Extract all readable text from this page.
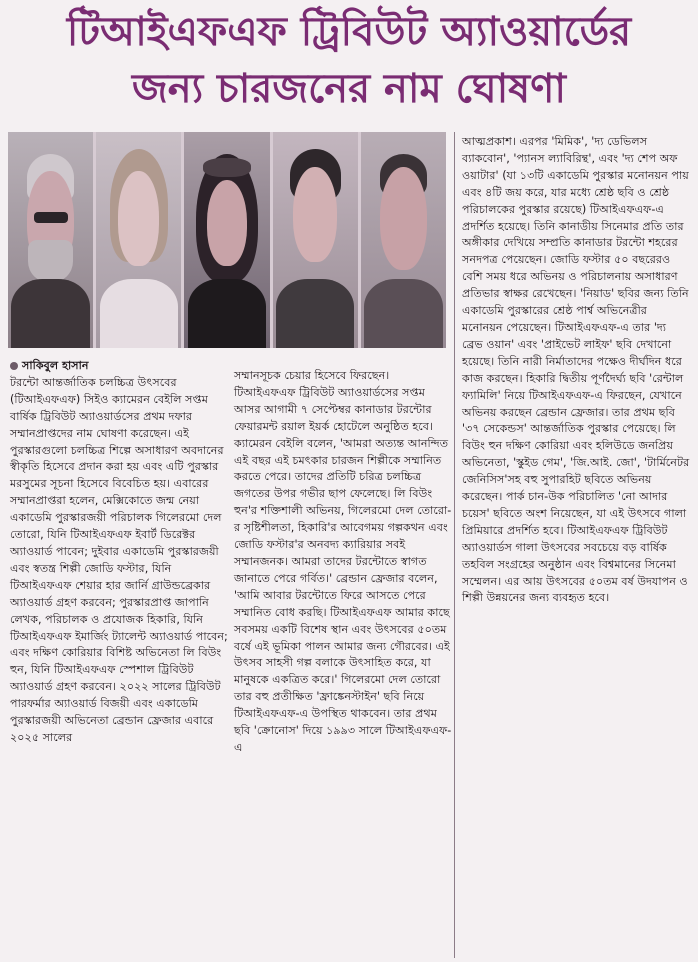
টিআইএফএফ ট্রিবিউট অ্যাওয়ার্ডের
জন্য চারজনের নাম ঘোষণা
সাকিবুল হাসান

টরন্টো আন্তর্জাতিক চলচ্চিত্র উৎসবের (টিআইএফএফ) সিইও ক্যামেরন বেইলি সপ্তম বার্ষিক ট্রিবিউট অ্যাওয়ার্ডসের প্রথম দফার সম্মানপ্রাপ্তদের নাম ঘোষণা করেছেন। এই পুরস্কারগুলো চলচ্চিত্র শিল্পে অসাধারণ অবদানের স্বীকৃতি হিসেবে প্রদান করা হয় এবং এটি পুরস্কার মরসুমের সূচনা হিসেবে বিবেচিত হয়। এবারের সম্মানপ্রাপ্তরা হলেন, মেক্সিকোতে জন্ম নেয়া একাডেমি পুরস্কারজয়ী পরিচালক গিলেরমো দেল তোরো, যিনি টিআইএফএফ ইবার্ট ডিরেক্টর অ্যাওয়ার্ড পাবেন; দুইবার একাডেমি পুরস্কারজয়ী এবং স্বতন্ত্র শিল্পী জোডি ফস্টার, যিনি টিআইএফএফ শেয়ার হার জার্নি গ্রাউন্ডব্রেকার অ্যাওয়ার্ড গ্রহণ করবেন; পুরস্কারপ্রাপ্ত জাপানি লেখক, পরিচালক ও প্রযোজক হিকারি, যিনি টিআইএফএফ ইমার্জিং ট্যালেন্ট অ্যাওয়ার্ড পাবেন; এবং দক্ষিণ কোরিয়ার বিশিষ্ট অভিনেতা লি বিউং হুন, যিনি টিআইএফএফ স্পেশাল ট্রিবিউট অ্যাওয়ার্ড গ্রহণ করবেন। ২০২২ সালের ট্রিবিউট পারফর্মার অ্যাওয়ার্ড বিজয়ী এবং একাডেমি পুরস্কারজয়ী অভিনেতা ব্রেন্ডান ফ্রেজার এবারে ২০২৫ সালের

সম্মানসূচক চেয়ার হিসেবে ফিরছেন। টিআইএফএফ ট্রিবিউট অ্যাওয়ার্ডসের সপ্তম আসর আগামী ৭ সেপ্টেম্বর কানাডার টরন্টোর ফেয়ারমন্ট রয়াল ইয়র্ক হোটেলে অনুষ্ঠিত হবে। ক্যামেরন বেইলি বলেন, 'আমরা অত্যন্ত আনন্দিত এই বছর এই চমৎকার চারজন শিল্পীকে সম্মানিত করতে পেরে। তাদের প্রতিটি চরিত্র চলচ্চিত্র জগতের উপর গভীর ছাপ ফেলেছে। লি বিউং হুন'র শক্তিশালী অভিনয়, গিলেরমো দেল তোরো-র সৃষ্টিশীলতা, হিকারি'র আবেগময় গল্পকথন এবং জোডি ফস্টার'র অনবদ্য ক্যারিয়ার সবই সম্মানজনক। আমরা তাদের টরন্টোতে স্বাগত জানাতে পেরে গর্বিত।' ব্রেন্ডান ফ্রেজার বলেন, 'আমি আবার টরন্টোতে ফিরে আসতে পেরে সম্মানিত বোধ করছি। টিআইএফএফ আমার কাছে সবসময় একটি বিশেষ স্থান এবং উৎসবের ৫০তম বর্ষে এই ভূমিকা পালন আমার জন্য গৌরবের। এই উৎসব সাহসী গল্প বলাকে উৎসাহিত করে, যা মানুষকে একত্রিত করে।' গিলেরমো দেল তোরো তার বহু প্রতীক্ষিত 'ফ্রাঙ্কেনস্টাইন' ছবি নিয়ে টিআইএফএফ-এ উপস্থিত থাকবেন। তার প্রথম ছবি 'ক্রোনোস' দিয়ে ১৯৯৩ সালে টিআইএফএফ-এ

আত্মপ্রকাশ। এরপর 'মিমিক', 'দ্য ডেভিলস ব্যাকবোন', 'প্যানস ল্যাবিরিন্থ', এবং 'দ্য শেপ অফ ওয়াটার' (যা ১৩টি একাডেমি পুরস্কার মনোনয়ন পায় এবং ৪টি জয় করে, যার মধ্যে শ্রেষ্ঠ ছবি ও শ্রেষ্ঠ পরিচালকের পুরস্কার রয়েছে) টিআইএফএফ-এ প্রদর্শিত হয়েছে। তিনি কানাডীয় সিনেমার প্রতি তার অঙ্গীকার দেখিয়ে সম্প্রতি কানাডার টরন্টো শহরের সনদপত্র পেয়েছেন। জোডি ফস্টার ৫০ বছরেরও বেশি সময় ধরে অভিনয় ও পরিচালনায় অসাধারণ প্রতিভার স্বাক্ষর রেখেছেন। 'নিয়াড' ছবির জন্য তিনি একাডেমি পুরস্কারের শ্রেষ্ঠ পার্শ্ব অভিনেত্রীর মনোনয়ন পেয়েছেন। টিআইএফএফ-এ তার 'দ্য ব্রেভ ওয়ান' এবং 'প্রাইভেট লাইফ' ছবি দেখানো হয়েছে। তিনি নারী নির্মাতাদের পক্ষেও দীর্ঘদিন ধরে কাজ করছেন। হিকারি দ্বিতীয় পূর্ণদৈর্ঘ্য ছবি 'রেন্টাল ফ্যামিলি' নিয়ে টিআইএফএফ-এ ফিরছেন, যেখানে অভিনয় করছেন ব্রেন্ডান ফ্রেজার। তার প্রথম ছবি '৩৭ সেকেন্ডস' আন্তর্জাতিক পুরস্কার পেয়েছে। লি বিউং হুন দক্ষিণ কোরিয়া এবং হলিউডে জনপ্রিয় অভিনেতা, 'স্কুইড গেম', 'জি.আই. জো', 'টার্মিনেটর জেনিসিস'সহ বহু সুপারহিট ছবিতে অভিনয় করেছেন। পার্ক চান-উক পরিচালিত 'নো আদার চয়েস' ছবিতে অংশ নিয়েছেন, যা এই উৎসবে গালা প্রিমিয়ারে প্রদর্শিত হবে। টিআইএফএফ ট্রিবিউট অ্যাওয়ার্ডস গালা উৎসবের সবচেয়ে বড় বার্ষিক তহবিল সংগ্রহের অনুষ্ঠান এবং বিশ্বমানের সিনেমা সম্মেলন। এর আয় উৎসবের ৫০তম বর্ষ উদযাপন ও শিল্পী উন্নয়নের জন্য ব্যবহৃত হবে।
